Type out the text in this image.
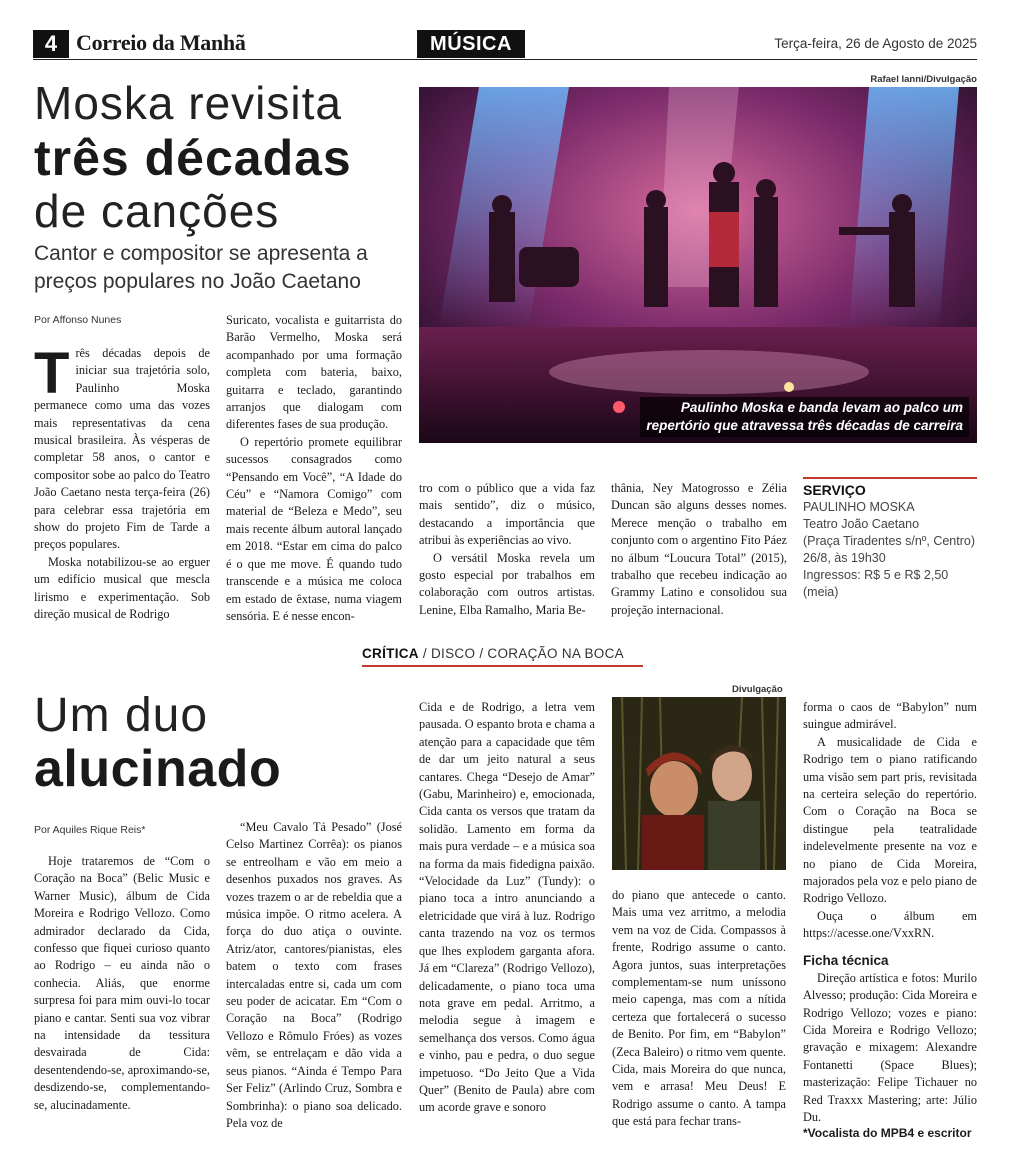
4 Correio da Manhã	MÚSICA	Terça-feira, 26 de Agosto de 2025
Moska revisita
três décadas
de canções
Cantor e compositor se apresenta a preços populares no João Caetano
Por Affonso Nunes
Rafael Ianni/Divulgação
Paulinho Moska e banda levam ao palco um
repertório que atravessa três décadas de carreira

Três décadas depois de iniciar sua trajetória solo, Paulinho Moska permanece como uma das vozes mais representativas da cena musical brasileira. Às vésperas de completar 58 anos, o cantor e compositor sobe ao palco do Teatro João Caetano nesta terça-feira (26) para celebrar essa trajetória em show do projeto Fim de Tarde a preços populares.

Moska notabilizou-se ao erguer um edifício musical que mescla lirismo e experimentação. Sob direção musical de Rodrigo

Suricato, vocalista e guitarrista do Barão Vermelho, Moska será acompanhado por uma formação completa com bateria, baixo, guitarra e teclado, garantindo arranjos que dialogam com diferentes fases de sua produção.

O repertório promete equilibrar sucessos consagrados como “Pensando em Você”, “A Idade do Céu” e “Namora Comigo” com material de “Beleza e Medo”, seu mais recente álbum autoral lançado em 2018. “Estar em cima do palco é o que me move. É quando tudo transcende e a música me coloca em estado de êxtase, numa viagem sensória. E é nesse encon-

tro com o público que a vida faz mais sentido”, diz o músico, destacando a importância que atribui às experiências ao vivo.

O versátil Moska revela um gosto especial por trabalhos em colaboração com outros artistas. Lenine, Elba Ramalho, Maria Be-

thânia, Ney Matogrosso e Zélia Duncan são alguns desses nomes. Merece menção o trabalho em conjunto com o argentino Fito Páez no álbum “Loucura Total” (2015), trabalho que recebeu indicação ao Grammy Latino e consolidou sua projeção internacional.

SERVIÇO
PAULINHO MOSKA
Teatro João Caetano
(Praça Tiradentes s/nº, Centro)
26/8, às 19h30
Ingressos: R$ 5 e R$ 2,50 (meia)
CRÍTICA / DISCO / CORAÇÃO NA BOCA
Um duo
alucinado
Por Aquiles Rique Reis*

Hoje trataremos de “Com o Coração na Boca” (Belic Music e Warner Music), álbum de Cida Moreira e Rodrigo Vellozo. Como admirador declarado da Cida, confesso que fiquei curioso quanto ao Rodrigo – eu ainda não o conhecia. Aliás, que enorme surpresa foi para mim ouvi-lo tocar piano e cantar. Senti sua voz vibrar na intensidade da tessitura desvairada de Cida: desentendendo-se, aproximando-se, desdizendo-se, complementando-se, alucinadamente.

“Meu Cavalo Tá Pesado” (José Celso Martinez Corrêa): os pianos se entreolham e vão em meio a desenhos puxados nos graves. As vozes trazem o ar de rebeldia que a música impõe. O ritmo acelera. A força do duo atiça o ouvinte. Atriz/ator, cantores/pianistas, eles batem o texto com frases intercaladas entre si, cada um com seu poder de acicatar. Em “Com o Coração na Boca” (Rodrigo Vellozo e Rômulo Fróes) as vozes vêm, se entrelaçam e dão vida a seus pianos. “Ainda é Tempo Para Ser Feliz” (Arlindo Cruz, Sombra e Sombrinha): o piano soa delicado. Pela voz de

Cida e de Rodrigo, a letra vem pausada. O espanto brota e chama a atenção para a capacidade que têm de dar um jeito natural a seus cantares. Chega “Desejo de Amar” (Gabu, Marinheiro) e, emocionada, Cida canta os versos que tratam da solidão. Lamento em forma da mais pura verdade – e a música soa na forma da mais fidedigna paixão. “Velocidade da Luz” (Tundy): o piano toca a intro anunciando a eletricidade que virá à luz. Rodrigo canta trazendo na voz os termos que lhes explodem garganta afora. Já em “Clareza” (Rodrigo Vellozo), delicadamente, o piano toca uma nota grave em pedal. Arritmo, a melodia segue à imagem e semelhança dos versos. Como água e vinho, pau e pedra, o duo segue impetuoso. “Do Jeito Que a Vida Quer” (Benito de Paula) abre com um acorde grave e sonoro

Divulgação

do piano que antecede o canto. Mais uma vez arritmo, a melodia vem na voz de Cida. Compassos à frente, Rodrigo assume o canto. Agora juntos, suas interpretações complementam-se num uníssono meio capenga, mas com a nítida certeza que fortalecerá o sucesso de Benito. Por fim, em “Babylon” (Zeca Baleiro) o ritmo vem quente. Cida, mais Moreira do que nunca, vem e arrasa! Meu Deus! E Rodrigo assume o canto. A tampa que está para fechar trans-

forma o caos de “Babylon” num suingue admirável.

A musicalidade de Cida e Rodrigo tem o piano ratificando uma visão sem part pris, revisitada na certeira seleção do repertório. Com o Coração na Boca se distingue pela teatralidade indelevelmente presente na voz e no piano de Cida Moreira, majorados pela voz e pelo piano de Rodrigo Vellozo.

Ouça o álbum em https://acesse.one/VxxRN.

Ficha técnica

Direção artística e fotos: Murilo Alvesso; produção: Cida Moreira e Rodrigo Vellozo; vozes e piano: Cida Moreira e Rodrigo Vellozo; gravação e mixagem: Alexandre Fontanetti (Space Blues); masterização: Felipe Tichauer no Red Traxxx Mastering; arte: Júlio Du.

*Vocalista do MPB4 e escritor
